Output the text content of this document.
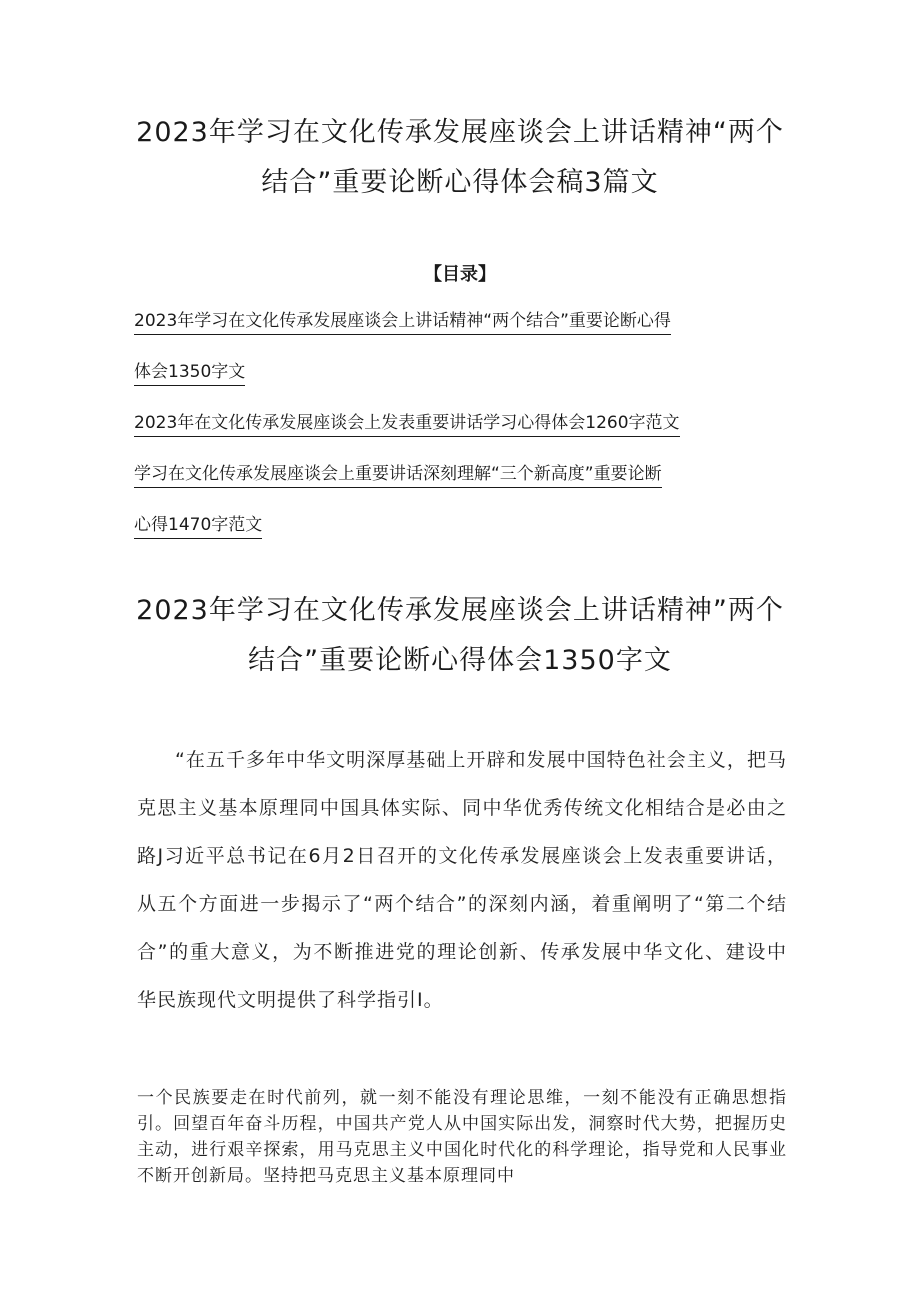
2023年学习在文化传承发展座谈会上讲话精神“两个
结合”重要论断心得体会稿3篇文
【目录】
2023年学习在文化传承发展座谈会上讲话精神“两个结合”重要论断心得
体会1350字文
2023年在文化传承发展座谈会上发表重要讲话学习心得体会1260字范文
学习在文化传承发展座谈会上重要讲话深刻理解“三个新高度”重要论断
心得1470字范文
2023年学习在文化传承发展座谈会上讲话精神”两个
结合”重要论断心得体会1350字文

“在五千多年中华文明深厚基础上开辟和发展中国特色社会主义，把马克思主义基本原理同中国具体实际、同中华优秀传统文化相结合是必由之路J习近平总书记在6月2日召开的文化传承发展座谈会上发表重要讲话，从五个方面进一步揭示了“两个结合”的深刻内涵，着重阐明了“第二个结合”的重大意义，为不断推进党的理论创新、传承发展中华文化、建设中华民族现代文明提供了科学指引I。

一个民族要走在时代前列，就一刻不能没有理论思维，一刻不能没有正确思想指引。回望百年奋斗历程，中国共产党人从中国实际出发，洞察时代大势，把握历史主动，进行艰辛探索，用马克思主义中国化时代化的科学理论，指导党和人民事业不断开创新局。坚持把马克思主义基本原理同中
